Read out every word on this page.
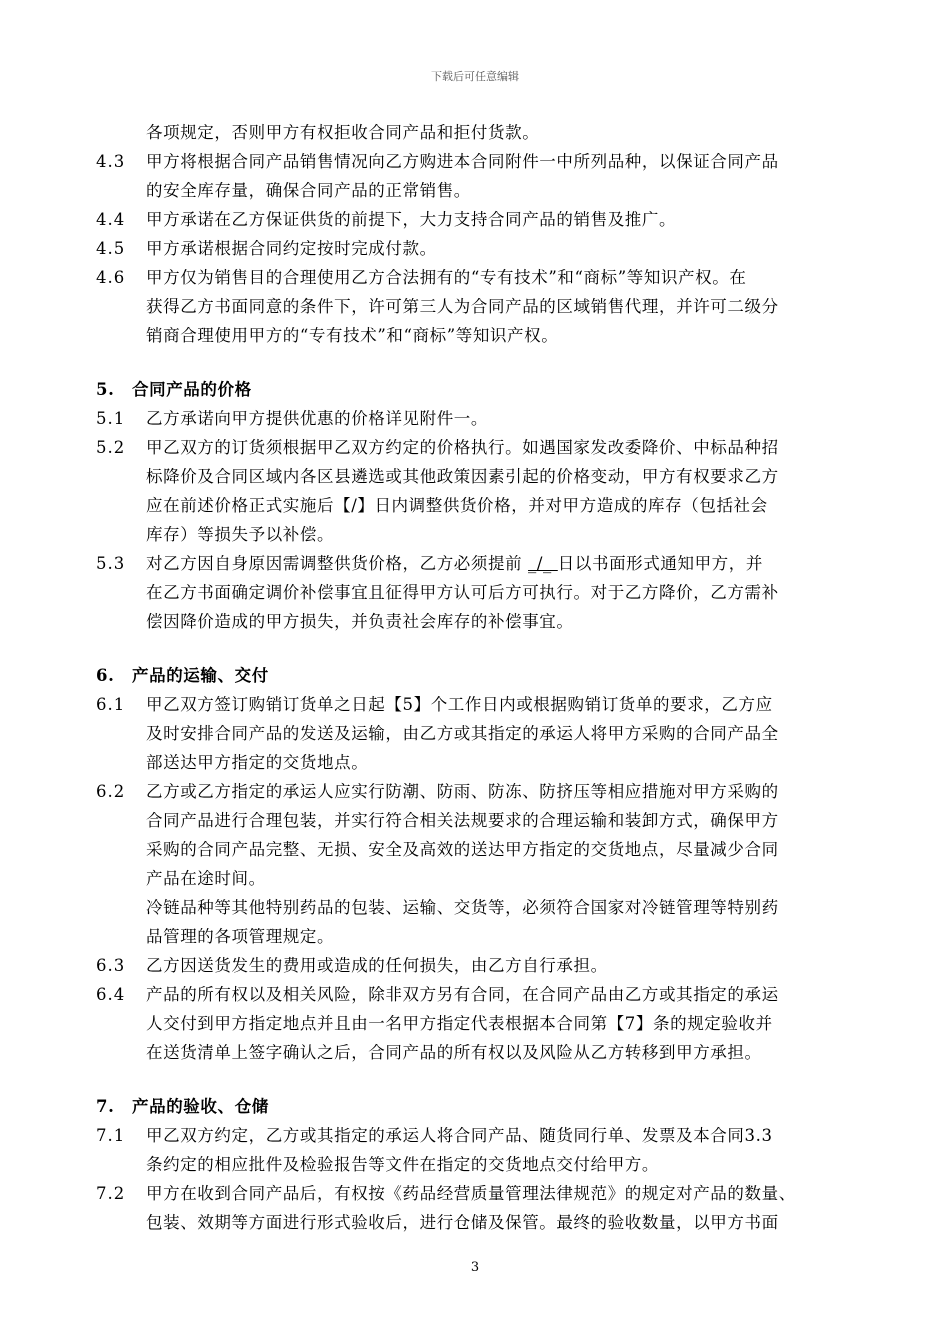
下载后可任意编辑
各项规定，否则甲方有权拒收合同产品和拒付货款。
4.3 甲方将根据合同产品销售情况向乙方购进本合同附件一中所列品种，以保证合同产品
的安全库存量，确保合同产品的正常销售。
4.4 甲方承诺在乙方保证供货的前提下，大力支持合同产品的销售及推广。
4.5 甲方承诺根据合同约定按时完成付款。
4.6 甲方仅为销售目的合理使用乙方合法拥有的“专有技术”和“商标”等知识产权。在
获得乙方书面同意的条件下，许可第三人为合同产品的区域销售代理，并许可二级分
销商合理使用甲方的“专有技术”和“商标”等知识产权。
5. 合同产品的价格
5.1 乙方承诺向甲方提供优惠的价格详见附件一。
5.2 甲乙双方的订货须根据甲乙双方约定的价格执行。如遇国家发改委降价、中标品种招
标降价及合同区域内各区县遴选或其他政策因素引起的价格变动，甲方有权要求乙方
应在前述价格正式实施后【/】日内调整供货价格，并对甲方造成的库存（包括社会
库存）等损失予以补偿。
5.3 对乙方因自身原因需调整供货价格，乙方必须提前 _/_ 日以书面形式通知甲方，并
在乙方书面确定调价补偿事宜且征得甲方认可后方可执行。对于乙方降价，乙方需补
偿因降价造成的甲方损失，并负责社会库存的补偿事宜。
6. 产品的运输、交付
6.1 甲乙双方签订购销订货单之日起【5】个工作日内或根据购销订货单的要求，乙方应
及时安排合同产品的发送及运输，由乙方或其指定的承运人将甲方采购的合同产品全
部送达甲方指定的交货地点。
6.2 乙方或乙方指定的承运人应实行防潮、防雨、防冻、防挤压等相应措施对甲方采购的
合同产品进行合理包装，并实行符合相关法规要求的合理运输和装卸方式，确保甲方
采购的合同产品完整、无损、安全及高效的送达甲方指定的交货地点，尽量减少合同
产品在途时间。
冷链品种等其他特别药品的包装、运输、交货等，必须符合国家对冷链管理等特别药
品管理的各项管理规定。
6.3 乙方因送货发生的费用或造成的任何损失，由乙方自行承担。
6.4 产品的所有权以及相关风险，除非双方另有合同，在合同产品由乙方或其指定的承运
人交付到甲方指定地点并且由一名甲方指定代表根据本合同第【7】条的规定验收并
在送货清单上签字确认之后，合同产品的所有权以及风险从乙方转移到甲方承担。
7. 产品的验收、仓储
7.1 甲乙双方约定，乙方或其指定的承运人将合同产品、随货同行单、发票及本合同3.3
条约定的相应批件及检验报告等文件在指定的交货地点交付给甲方。
7.2 甲方在收到合同产品后，有权按《药品经营质量管理法律规范》的规定对产品的数量、
包装、效期等方面进行形式验收后，进行仓储及保管。最终的验收数量，以甲方书面
3
